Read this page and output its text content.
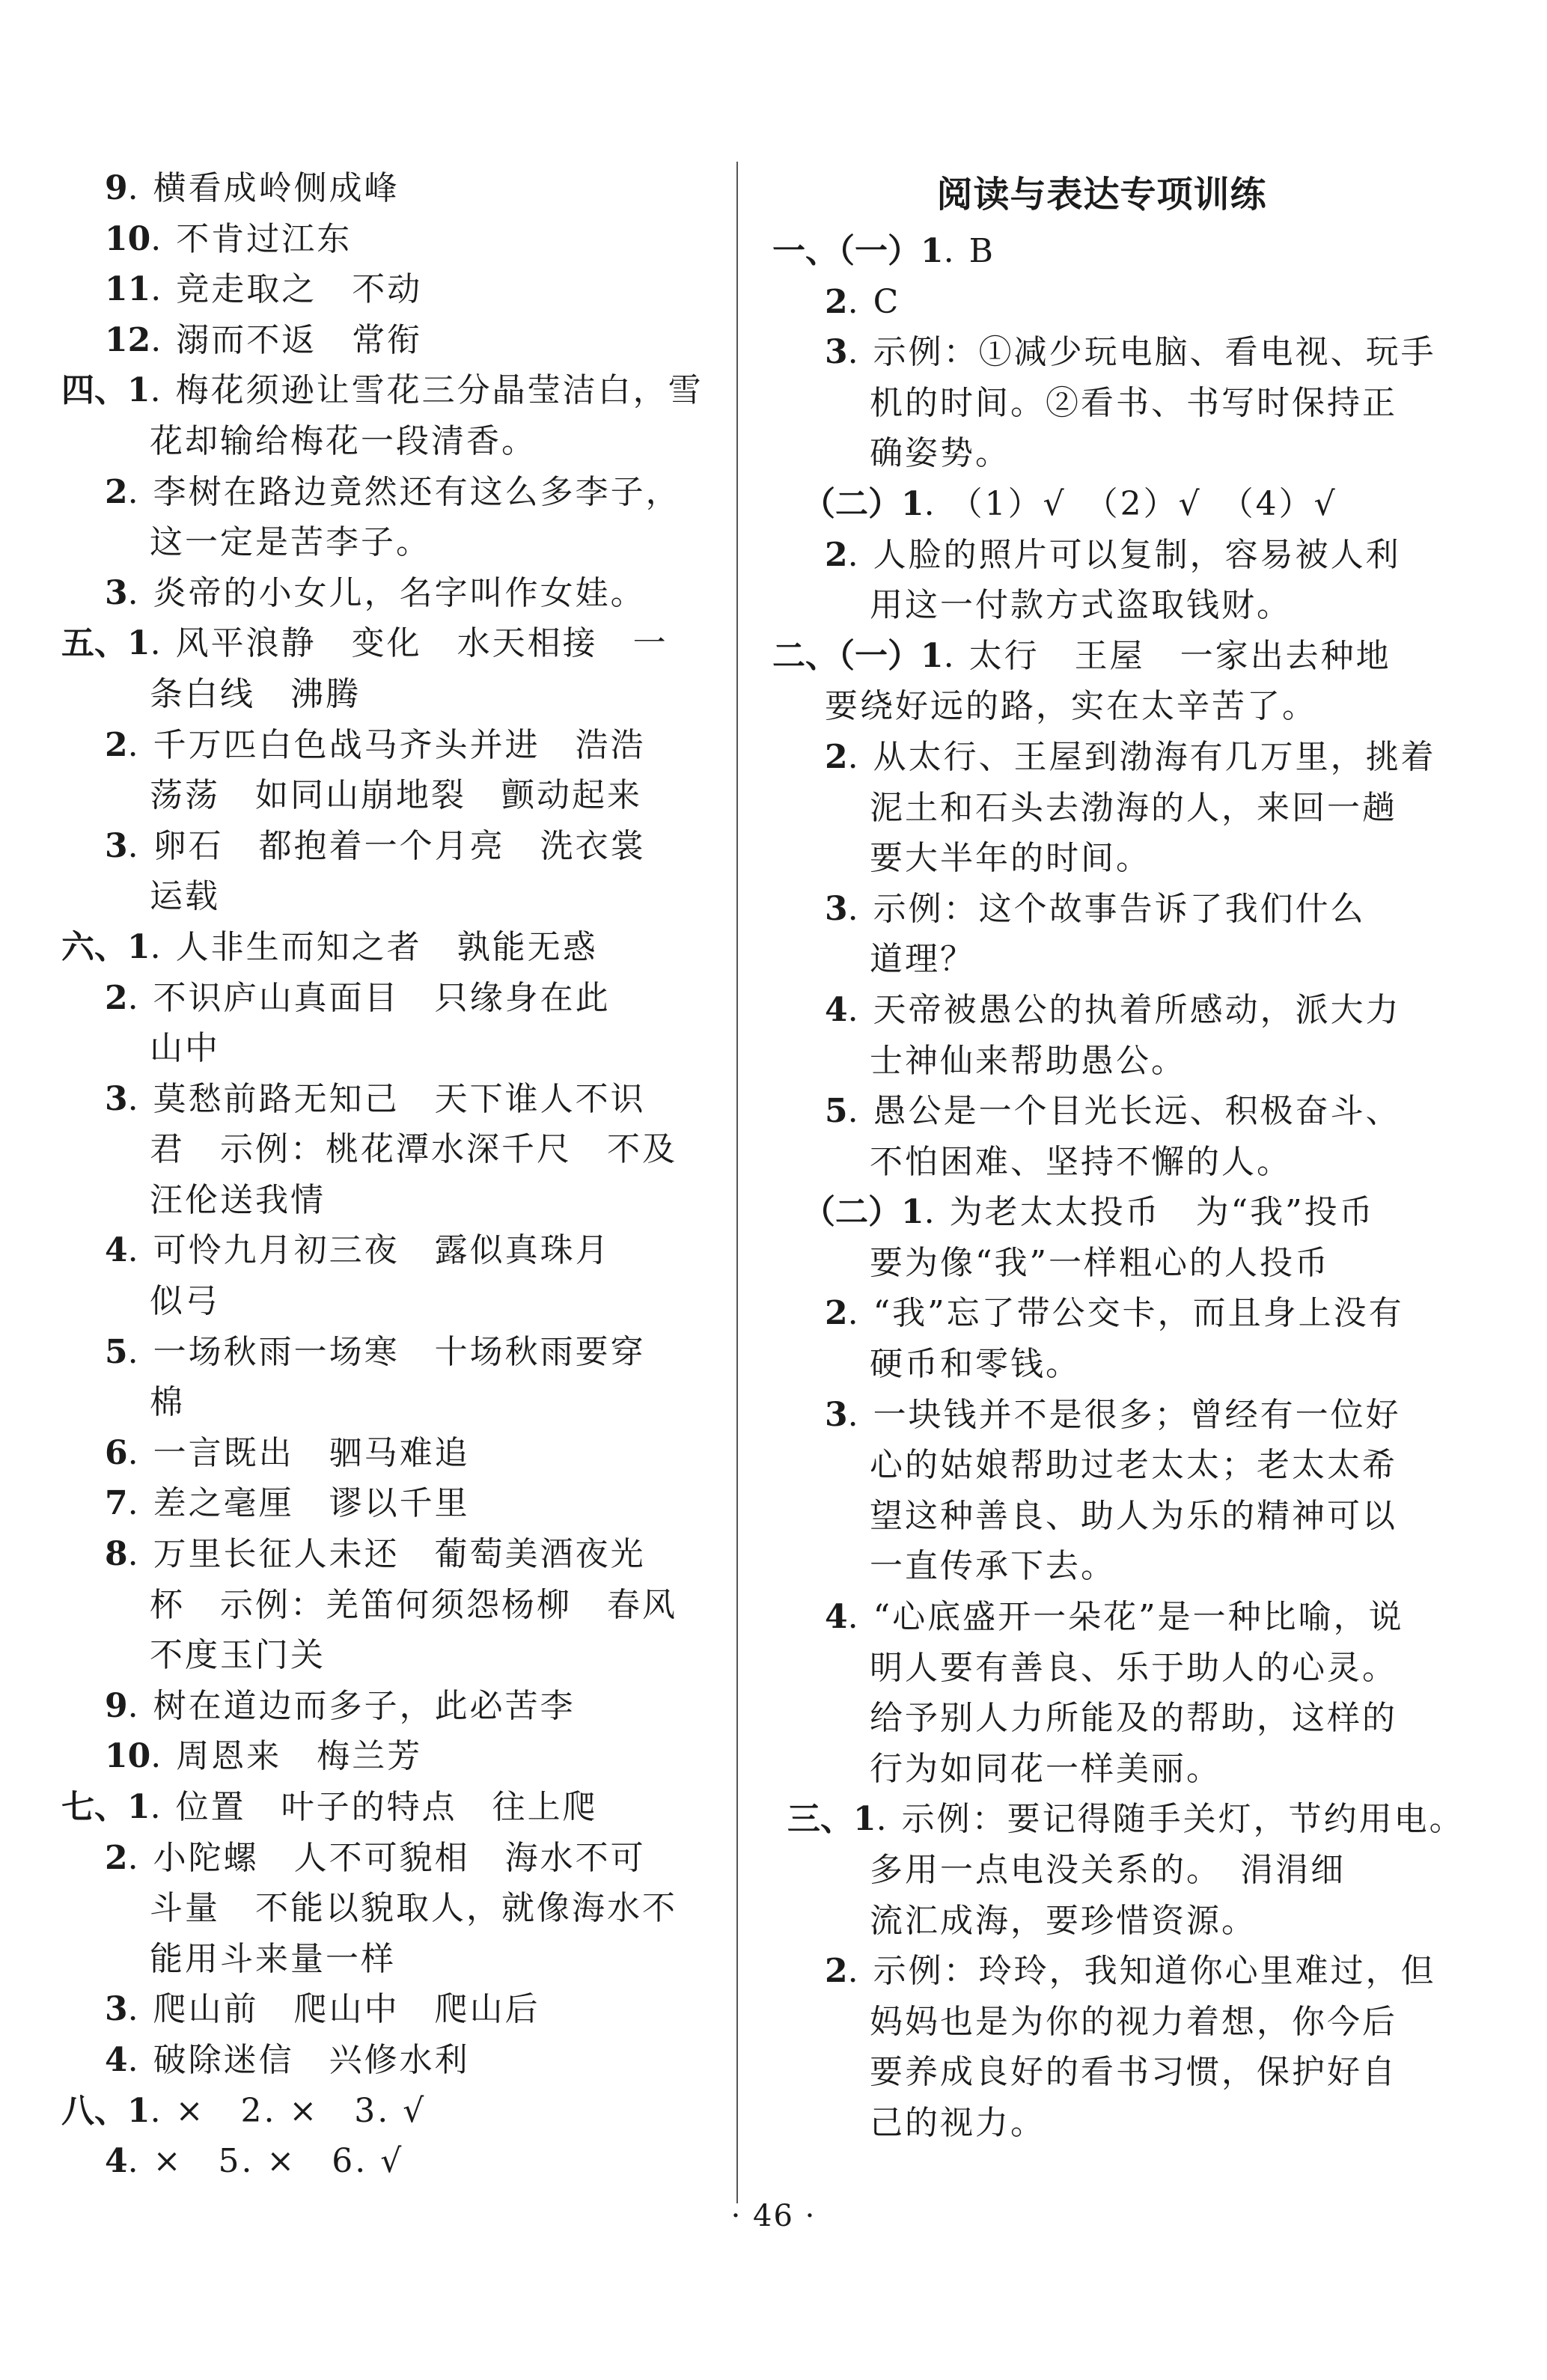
9. 横看成岭侧成峰
10. 不肯过江东
11. 竞走取之　不动
12. 溺而不返　常衔
四、1. 梅花须逊让雪花三分晶莹洁白，雪
花却输给梅花一段清香。
2. 李树在路边竟然还有这么多李子，
这一定是苦李子。
3. 炎帝的小女儿，名字叫作女娃。
五、1. 风平浪静　变化　水天相接　一
条白线　沸腾
2. 千万匹白色战马齐头并进　浩浩
荡荡　如同山崩地裂　颤动起来
3. 卵石　都抱着一个月亮　洗衣裳
运载
六、1. 人非生而知之者　孰能无惑
2. 不识庐山真面目　只缘身在此
山中
3. 莫愁前路无知己　天下谁人不识
君　示例：桃花潭水深千尺　不及
汪伦送我情
4. 可怜九月初三夜　露似真珠月
似弓
5. 一场秋雨一场寒　十场秋雨要穿
棉
6. 一言既出　驷马难追
7. 差之毫厘　谬以千里
8. 万里长征人未还　葡萄美酒夜光
杯　示例：羌笛何须怨杨柳　春风
不度玉门关
9. 树在道边而多子，此必苦李
10. 周恩来　梅兰芳
七、1. 位置　叶子的特点　往上爬
2. 小陀螺　人不可貌相　海水不可
斗量　不能以貌取人，就像海水不
能用斗来量一样
3. 爬山前　爬山中　爬山后
4. 破除迷信　兴修水利
八、1. ×　2. ×　3. √
4. ×　5. ×　6. √
阅读与表达专项训练
一、（一）1. B
2. C
3. 示例：①减少玩电脑、看电视、玩手
机的时间。②看书、书写时保持正
确姿势。
（二）1. （1）√　（2）√　（4）√
2. 人脸的照片可以复制，容易被人利
用这一付款方式盗取钱财。
二、（一）1. 太行　王屋　一家出去种地
要绕好远的路，实在太辛苦了。
2. 从太行、王屋到渤海有几万里，挑着
泥土和石头去渤海的人，来回一趟
要大半年的时间。
3. 示例：这个故事告诉了我们什么
道理？
4. 天帝被愚公的执着所感动，派大力
士神仙来帮助愚公。
5. 愚公是一个目光长远、积极奋斗、
不怕困难、坚持不懈的人。
（二）1. 为老太太投币　为“我”投币
要为像“我”一样粗心的人投币
2. “我”忘了带公交卡，而且身上没有
硬币和零钱。
3. 一块钱并不是很多；曾经有一位好
心的姑娘帮助过老太太；老太太希
望这种善良、助人为乐的精神可以
一直传承下去。
4. “心底盛开一朵花”是一种比喻，说
明人要有善良、乐于助人的心灵。
给予别人力所能及的帮助，这样的
行为如同花一样美丽。
三、1. 示例：要记得随手关灯，节约用电。
多用一点电没关系的。　涓涓细
流汇成海，要珍惜资源。
2. 示例：玲玲，我知道你心里难过，但
妈妈也是为你的视力着想，你今后
要养成良好的看书习惯，保护好自
己的视力。
· 46 ·
